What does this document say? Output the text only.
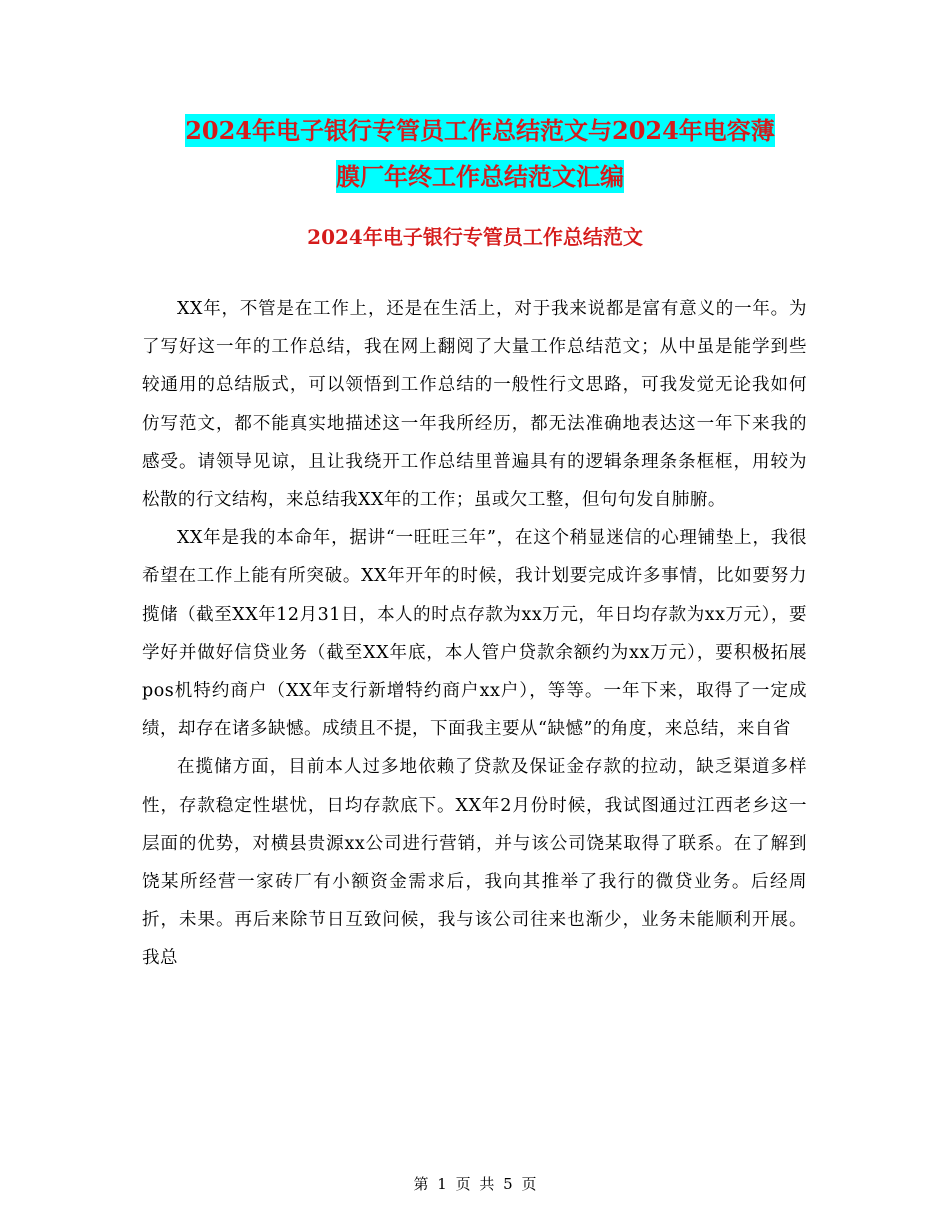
2024年电子银行专管员工作总结范文与2024年电容薄
膜厂年终工作总结范文汇编
2024年电子银行专管员工作总结范文

XX年，不管是在工作上，还是在生活上，对于我来说都是富有意义的一年。为了写好这一年的工作总结，我在网上翻阅了大量工作总结范文；从中虽是能学到些较通用的总结版式，可以领悟到工作总结的一般性行文思路，可我发觉无论我如何仿写范文，都不能真实地描述这一年我所经历，都无法准确地表达这一年下来我的感受。请领导见谅，且让我绕开工作总结里普遍具有的逻辑条理条条框框，用较为松散的行文结构，来总结我XX年的工作；虽或欠工整，但句句发自肺腑。

XX年是我的本命年，据讲“一旺旺三年”，在这个稍显迷信的心理铺垫上，我很希望在工作上能有所突破。XX年开年的时候，我计划要完成许多事情，比如要努力揽储（截至XX年12月31日，本人的时点存款为xx万元，年日均存款为xx万元），要学好并做好信贷业务（截至XX年底，本人管户贷款余额约为xx万元），要积极拓展pos机特约商户（XX年支行新增特约商户xx户），等等。一年下来，取得了一定成绩，却存在诸多缺憾。成绩且不提，下面我主要从“缺憾”的角度，来总结，来自省

在揽储方面，目前本人过多地依赖了贷款及保证金存款的拉动，缺乏渠道多样性，存款稳定性堪忧，日均存款底下。XX年2月份时候，我试图通过江西老乡这一层面的优势，对横县贵源xx公司进行营销，并与该公司饶某取得了联系。在了解到饶某所经营一家砖厂有小额资金需求后，我向其推举了我行的微贷业务。后经周折，未果。再后来除节日互致问候，我与该公司往来也渐少，业务未能顺利开展。我总

第 1 页 共 5 页
